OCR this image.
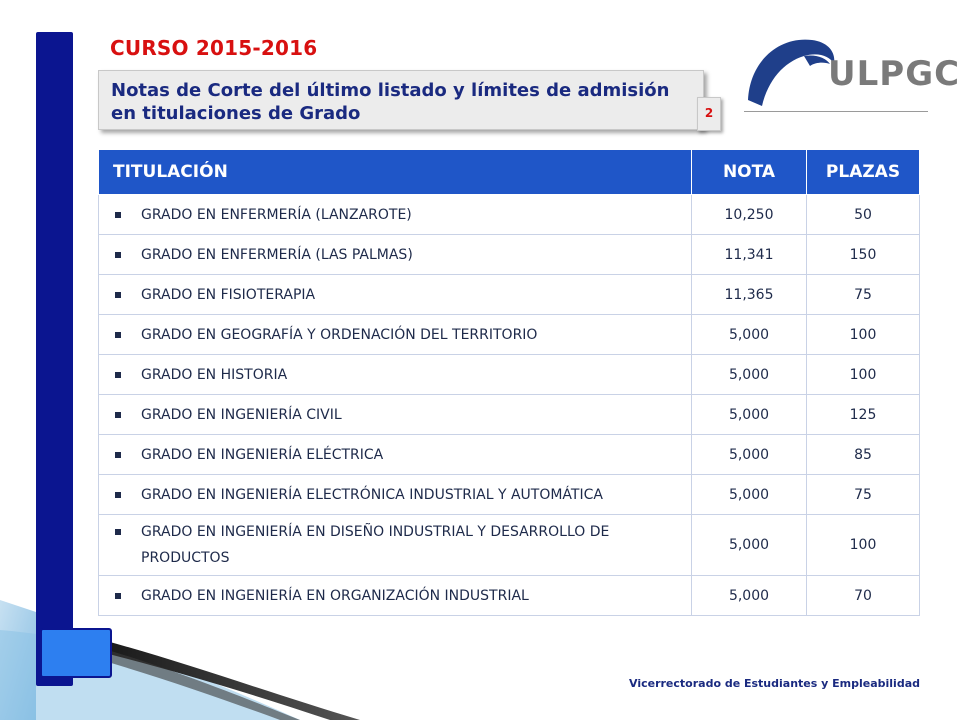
CURSO 2015-2016
Notas de Corte del último listado y límites de admisión en titulaciones de Grado	2
ULPGC
TITULACIÓN	NOTA	PLAZAS

GRADO EN ENFERMERÍA (LANZAROTE)	10,250	50

GRADO EN ENFERMERÍA (LAS PALMAS)	11,341	150

GRADO EN FISIOTERAPIA	11,365	75

GRADO EN GEOGRAFÍA Y ORDENACIÓN DEL TERRITORIO	5,000	100

GRADO EN HISTORIA	5,000	100

GRADO EN INGENIERÍA CIVIL	5,000	125

GRADO EN INGENIERÍA ELÉCTRICA	5,000	85

GRADO EN INGENIERÍA ELECTRÓNICA INDUSTRIAL Y AUTOMÁTICA	5,000	75

GRADO EN INGENIERÍA EN DISEÑO INDUSTRIAL Y DESARROLLO DE PRODUCTOS	5,000	100

GRADO EN INGENIERÍA EN ORGANIZACIÓN INDUSTRIAL	5,000	70
Vicerrectorado de Estudiantes y Empleabilidad
